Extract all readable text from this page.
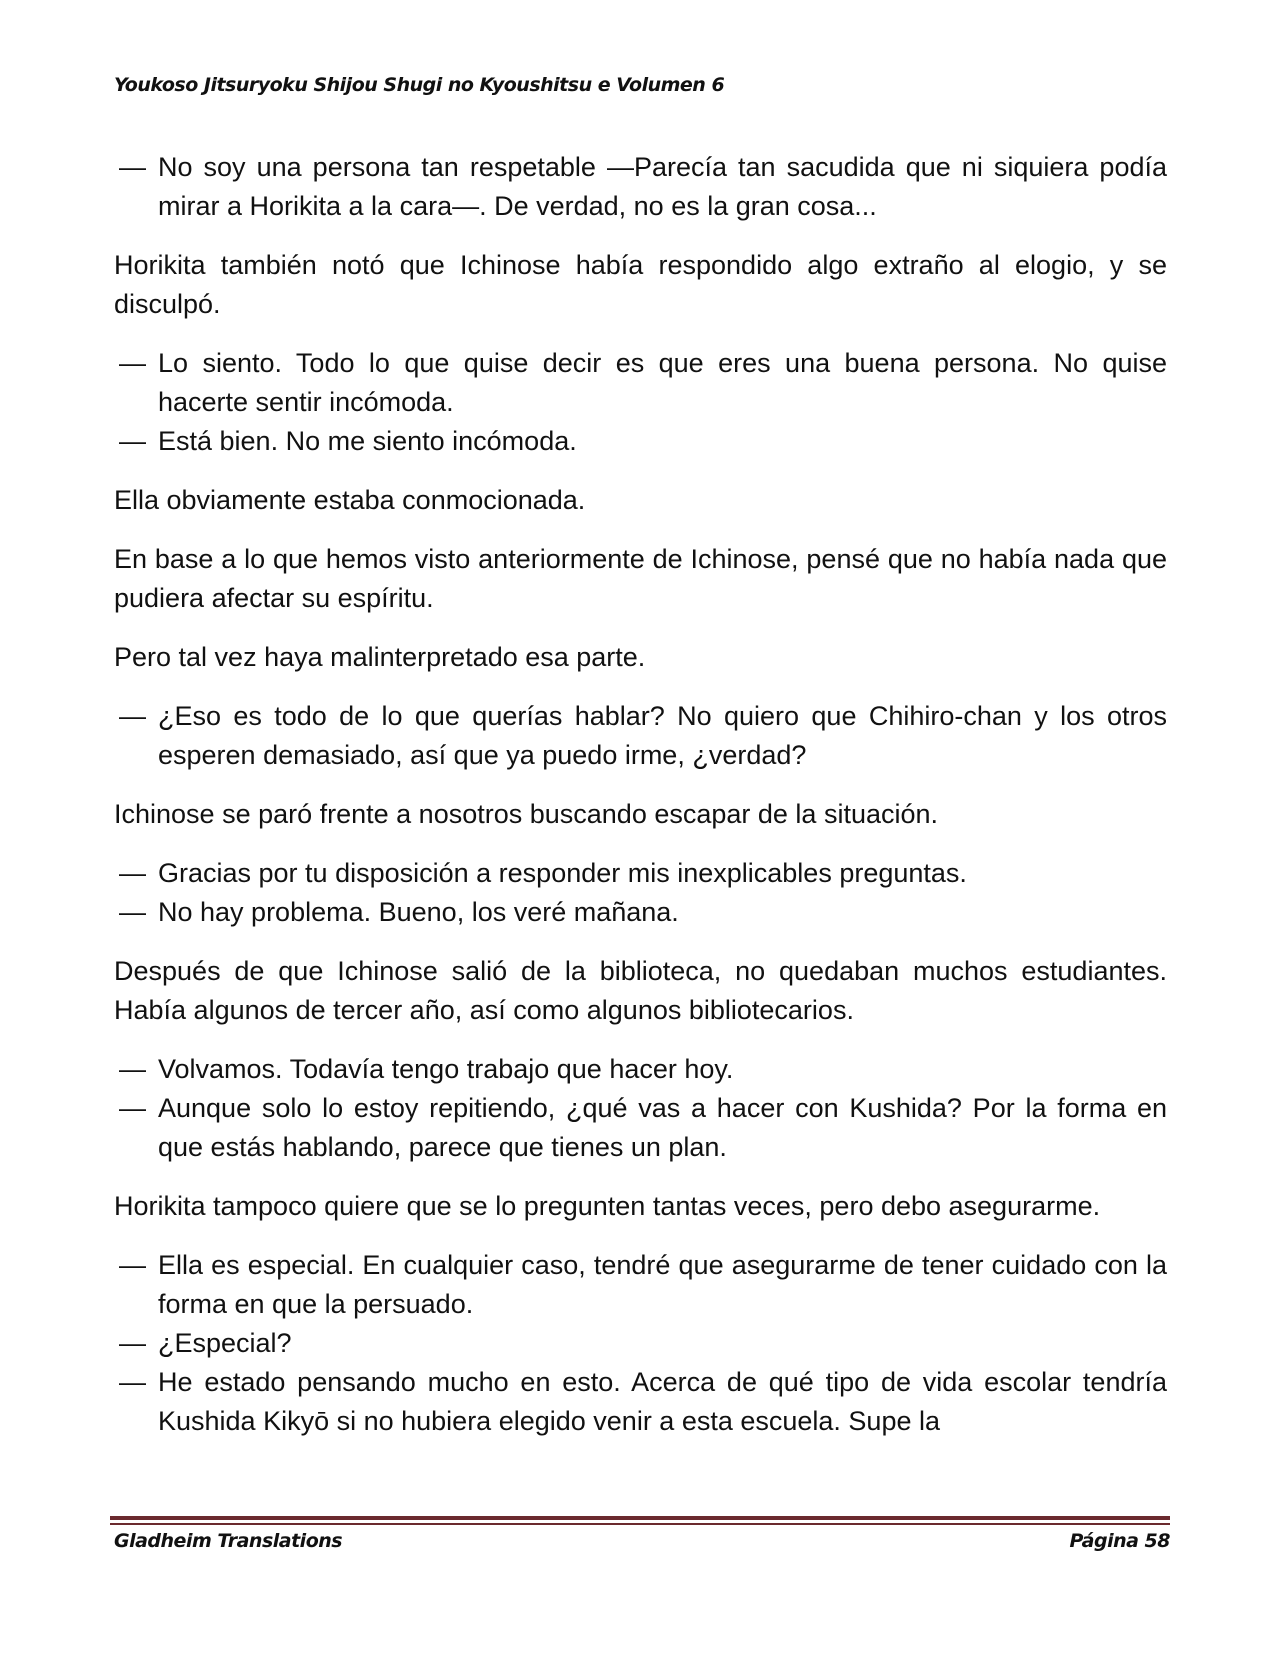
Youkoso Jitsuryoku Shijou Shugi no Kyoushitsu e Volumen 6
— No soy una persona tan respetable —Parecía tan sacudida que ni siquiera podía mirar a Horikita a la cara—. De verdad, no es la gran cosa...

Horikita también notó que Ichinose había respondido algo extraño al elogio, y se disculpó.

— Lo siento. Todo lo que quise decir es que eres una buena persona. No quise hacerte sentir incómoda.
— Está bien. No me siento incómoda.

Ella obviamente estaba conmocionada.

En base a lo que hemos visto anteriormente de Ichinose, pensé que no había nada que pudiera afectar su espíritu.

Pero tal vez haya malinterpretado esa parte.

— ¿Eso es todo de lo que querías hablar? No quiero que Chihiro-chan y los otros esperen demasiado, así que ya puedo irme, ¿verdad?

Ichinose se paró frente a nosotros buscando escapar de la situación.

— Gracias por tu disposición a responder mis inexplicables preguntas.
— No hay problema. Bueno, los veré mañana.

Después de que Ichinose salió de la biblioteca, no quedaban muchos estudiantes. Había algunos de tercer año, así como algunos bibliotecarios.

— Volvamos. Todavía tengo trabajo que hacer hoy.
— Aunque solo lo estoy repitiendo, ¿qué vas a hacer con Kushida? Por la forma en que estás hablando, parece que tienes un plan.

Horikita tampoco quiere que se lo pregunten tantas veces, pero debo asegurarme.

— Ella es especial. En cualquier caso, tendré que asegurarme de tener cuidado con la forma en que la persuado.
— ¿Especial?
— He estado pensando mucho en esto. Acerca de qué tipo de vida escolar tendría Kushida Kikyō si no hubiera elegido venir a esta escuela. Supe la
Gladheim Translations	Página 58
